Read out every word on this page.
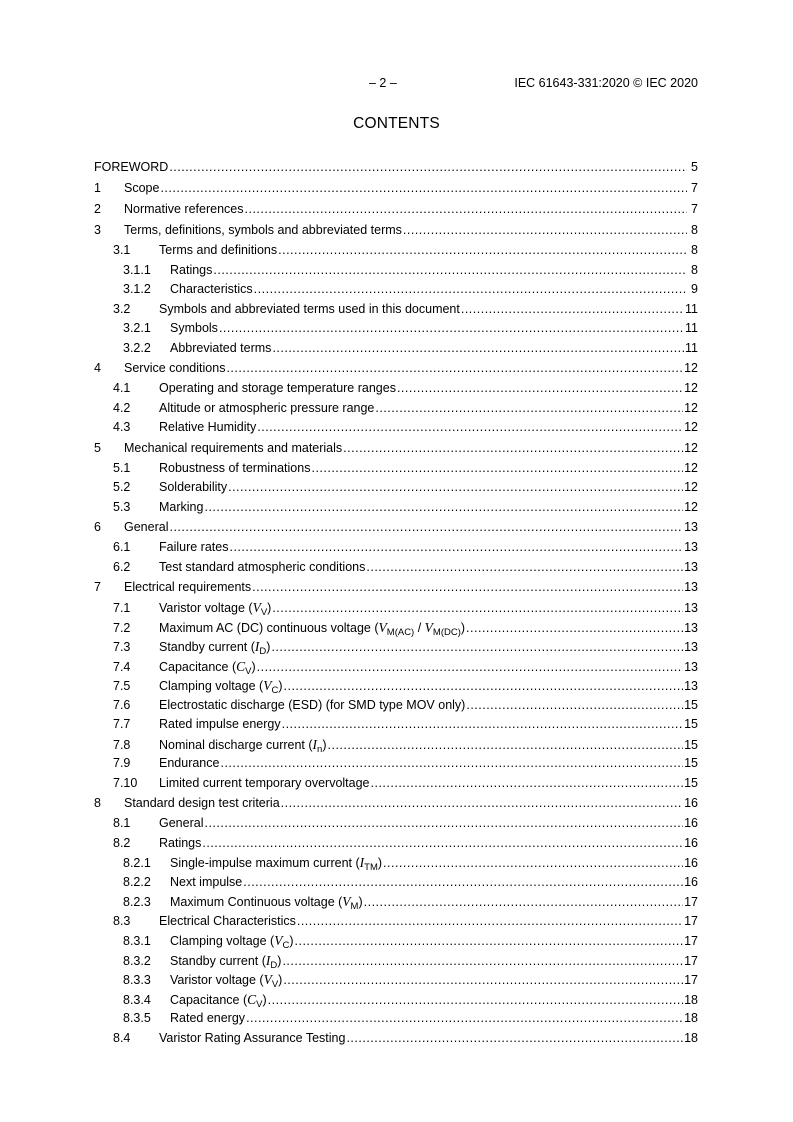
– 2 –	IEC 61643-331:2020 © IEC 2020
CONTENTS
FOREWORD .....	5
1	Scope .....	7
2	Normative references .....	7
3	Terms, definitions, symbols and abbreviated terms .....	8
3.1	Terms and definitions .....	8
3.1.1	Ratings .....	8
3.1.2	Characteristics .....	9
3.2	Symbols and abbreviated terms used in this document .....	11
3.2.1	Symbols .....	11
3.2.2	Abbreviated terms .....	11
4	Service conditions .....	12
4.1	Operating and storage temperature ranges .....	12
4.2	Altitude or atmospheric pressure range .....	12
4.3	Relative Humidity .....	12
5	Mechanical requirements and materials .....	12
5.1	Robustness of terminations .....	12
5.2	Solderability .....	12
5.3	Marking .....	12
6	General .....	13
6.1	Failure rates .....	13
6.2	Test standard atmospheric conditions .....	13
7	Electrical requirements .....	13
7.1	Varistor voltage $(V_V)$ .....	13
7.2	Maximum AC (DC) continuous voltage $(V_{M(AC)} / V_{M(DC)})$ .....	13
7.3	Standby current $(I_D)$ .....	13
7.4	Capacitance $(C_V)$ .....	13
7.5	Clamping voltage $(V_C)$ .....	13
7.6	Electrostatic discharge (ESD) (for SMD type MOV only) .....	15
7.7	Rated impulse energy .....	15
7.8	Nominal discharge current $(I_n)$ .....	15
7.9	Endurance .....	15
7.10	Limited current temporary overvoltage .....	15
8	Standard design test criteria .....	16
8.1	General .....	16
8.2	Ratings .....	16
8.2.1	Single-impulse maximum current $(I_{TM})$ .....	16
8.2.2	Next impulse .....	16
8.2.3	Maximum Continuous voltage $(V_M)$ .....	17
8.3	Electrical Characteristics .....	17
8.3.1	Clamping voltage $(V_C)$ .....	17
8.3.2	Standby current $(I_D)$ .....	17
8.3.3	Varistor voltage $(V_V)$ .....	17
8.3.4	Capacitance $(C_V)$ .....	18
8.3.5	Rated energy .....	18
8.4	Varistor Rating Assurance Testing .....	18
